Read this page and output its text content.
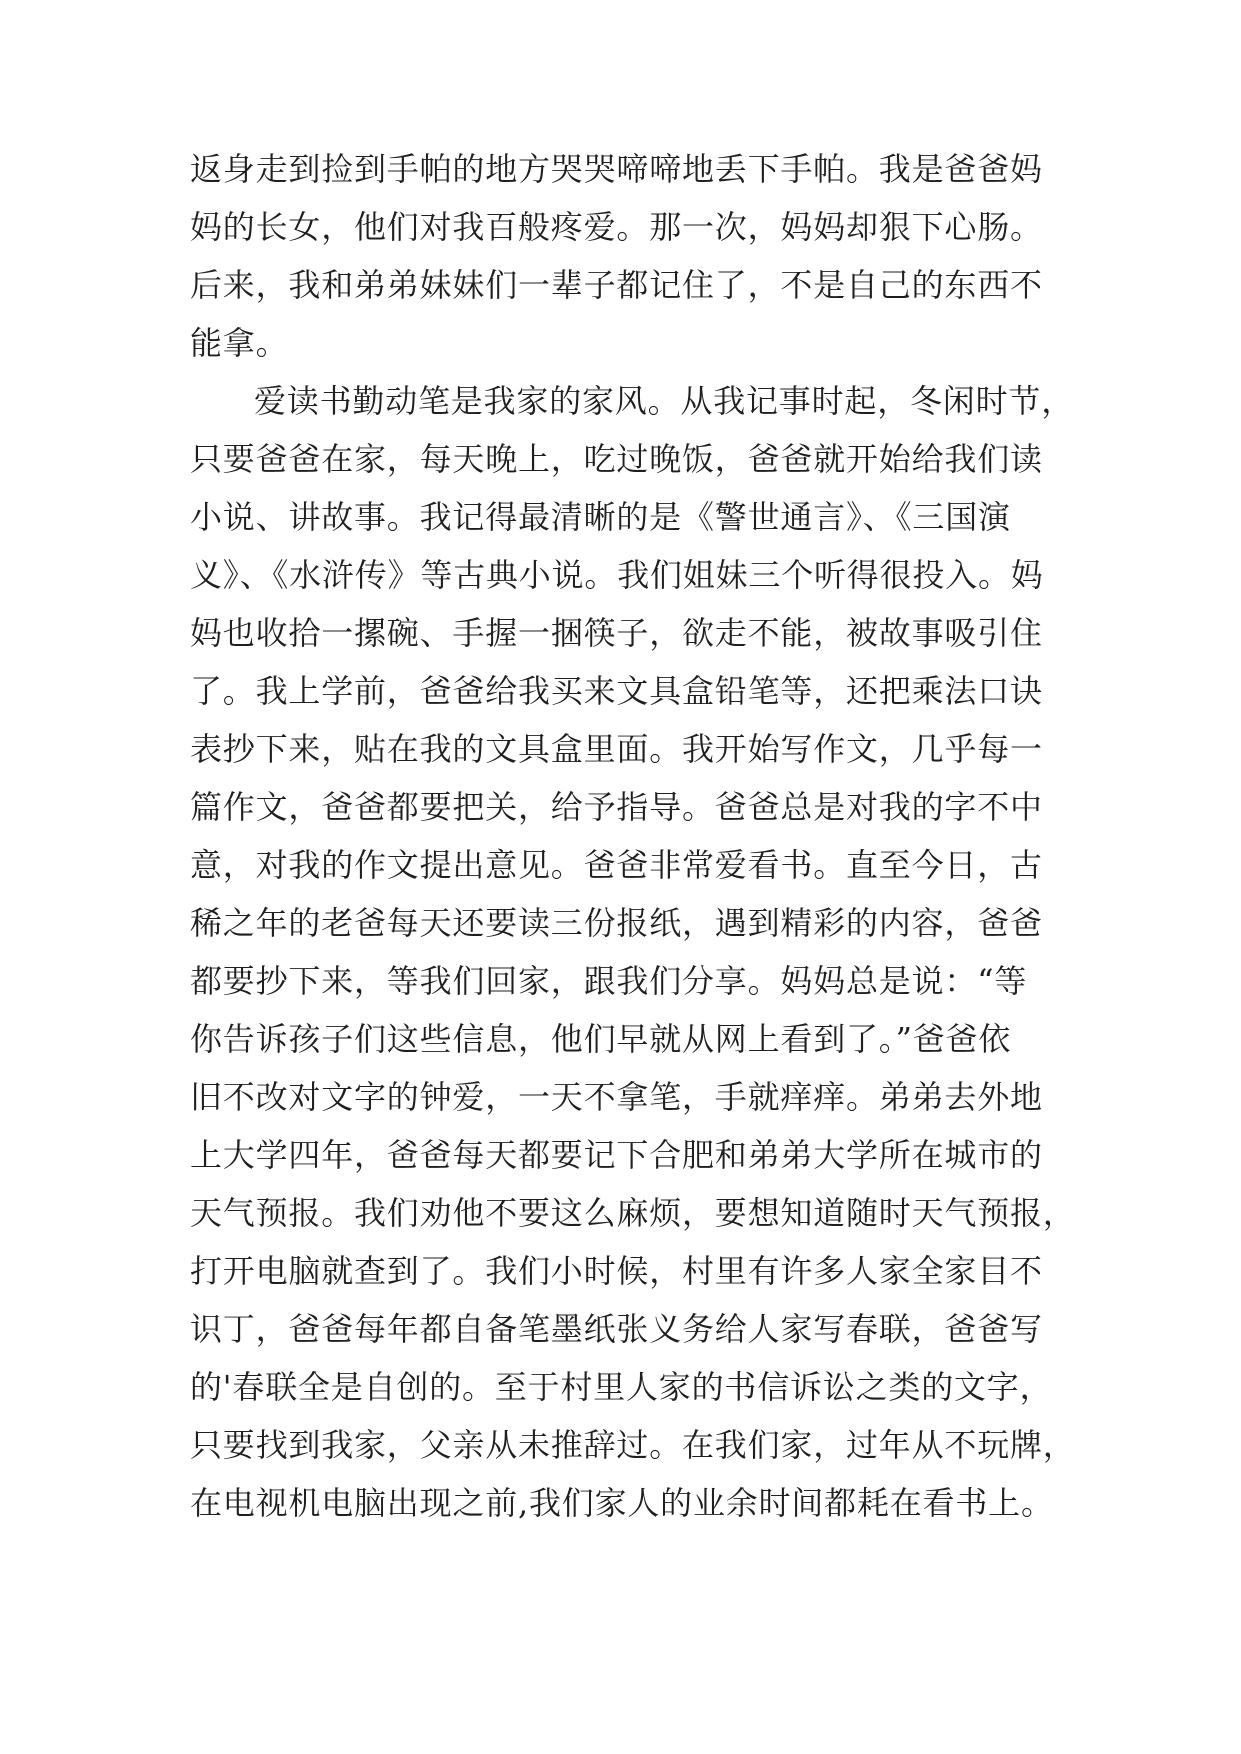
返身走到捡到手帕的地方哭哭啼啼地丢下手帕。我是爸爸妈
妈的长女，他们对我百般疼爱。那一次，妈妈却狠下心肠。
后来，我和弟弟妹妹们一辈子都记住了，不是自己的东西不
能拿。
爱读书勤动笔是我家的家风。从我记事时起，冬闲时节，
只要爸爸在家，每天晚上，吃过晚饭，爸爸就开始给我们读
小说、讲故事。我记得最清晰的是《警世通言》、《三国演
义》、《水浒传》等古典小说。我们姐妹三个听得很投入。妈
妈也收拾一摞碗、手握一捆筷子，欲走不能，被故事吸引住
了。我上学前，爸爸给我买来文具盒铅笔等，还把乘法口诀
表抄下来，贴在我的文具盒里面。我开始写作文，几乎每一
篇作文，爸爸都要把关，给予指导。爸爸总是对我的字不中
意，对我的作文提出意见。爸爸非常爱看书。直至今日，古
稀之年的老爸每天还要读三份报纸，遇到精彩的内容，爸爸
都要抄下来，等我们回家，跟我们分享。妈妈总是说：“等
你告诉孩子们这些信息，他们早就从网上看到了。”爸爸依
旧不改对文字的钟爱，一天不拿笔，手就痒痒。弟弟去外地
上大学四年，爸爸每天都要记下合肥和弟弟大学所在城市的
天气预报。我们劝他不要这么麻烦，要想知道随时天气预报，
打开电脑就查到了。我们小时候，村里有许多人家全家目不
识丁，爸爸每年都自备笔墨纸张义务给人家写春联，爸爸写
的'春联全是自创的。至于村里人家的书信诉讼之类的文字，
只要找到我家，父亲从未推辞过。在我们家，过年从不玩牌，
在电视机电脑出现之前,我们家人的业余时间都耗在看书上。
